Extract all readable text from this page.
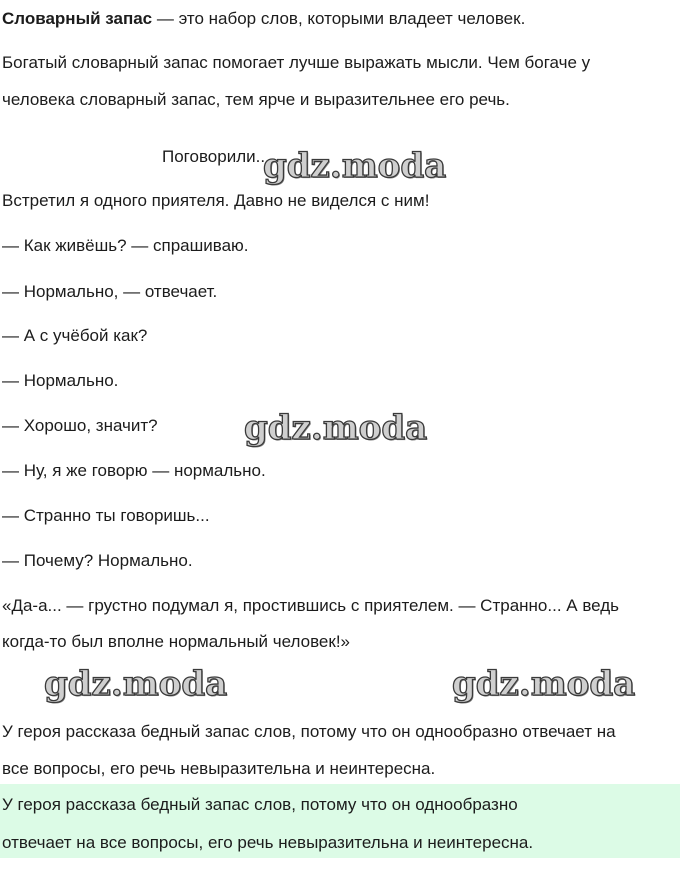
Словарный запас — это набор слов, которыми владеет человек.
Богатый словарный запас помогает лучше выражать мысли. Чем богаче у
человека словарный запас, тем ярче и выразительнее его речь.
Поговорили...
Встретил я одного приятеля. Давно не виделся с ним!
— Как живёшь? — спрашиваю.
— Нормально, — отвечает.
— А с учёбой как?
— Нормально.
— Хорошо, значит?
— Ну, я же говорю — нормально.
— Странно ты говоришь...
— Почему? Нормально.
«Да-а... — грустно подумал я, простившись с приятелем. — Странно... А ведь
когда-то был вполне нормальный человек!»
У героя рассказа бедный запас слов, потому что он однообразно отвечает на
все вопросы, его речь невыразительна и неинтересна.
У героя рассказа бедный запас слов, потому что он однообразно
отвечает на все вопросы, его речь невыразительна и неинтересна.
gdz.moda
gdz.moda
gdz.moda	gdz.moda
